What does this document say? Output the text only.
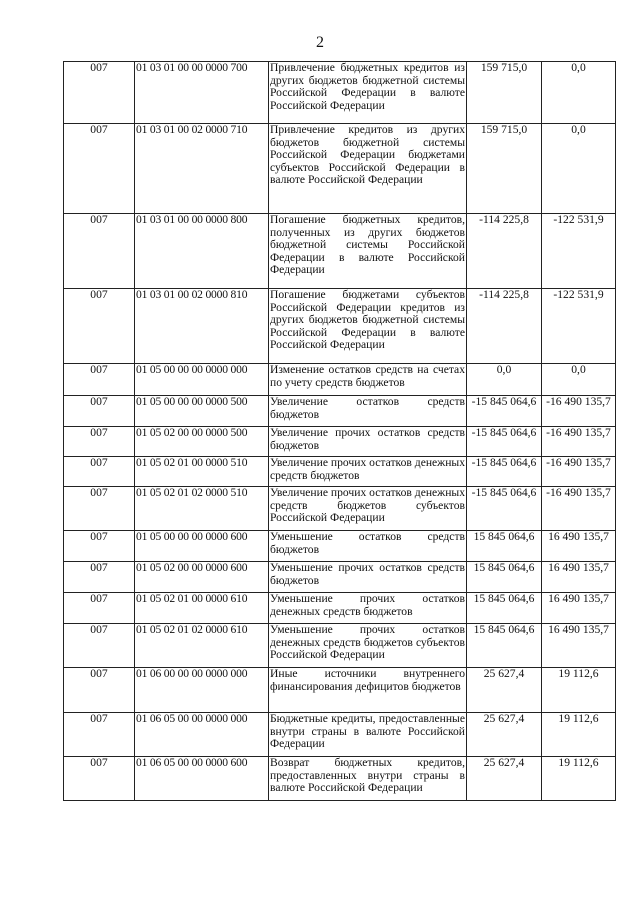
2
007	01 03 01 00 00 0000 700	Привлечение бюджетных кредитов из других бюджетов бюджетной системы Российской Федерации в валюте Российской Федерации	159 715,0	0,0
007	01 03 01 00 02 0000 710	Привлечение кредитов из других бюджетов бюджетной системы Российской Федерации бюджетами субъектов Российской Федерации в валюте Российской Федерации	159 715,0	0,0
007	01 03 01 00 00 0000 800	Погашение бюджетных кредитов, полученных из других бюджетов бюджетной системы Российской Федерации в валюте Российской Федерации	-114 225,8	-122 531,9
007	01 03 01 00 02 0000 810	Погашение бюджетами субъектов Российской Федерации кредитов из других бюджетов бюджетной системы Российской Федерации в валюте Российской Федерации	-114 225,8	-122 531,9
007	01 05 00 00 00 0000 000	Изменение остатков средств на счетах по учету средств бюджетов	0,0	0,0
007	01 05 00 00 00 0000 500	Увеличение остатков средств бюджетов	-15 845 064,6	-16 490 135,7
007	01 05 02 00 00 0000 500	Увеличение прочих остатков средств бюджетов	-15 845 064,6	-16 490 135,7
007	01 05 02 01 00 0000 510	Увеличение прочих остатков денежных средств бюджетов	-15 845 064,6	-16 490 135,7
007	01 05 02 01 02 0000 510	Увеличение прочих остатков денежных средств бюджетов субъектов Российской Федерации	-15 845 064,6	-16 490 135,7
007	01 05 00 00 00 0000 600	Уменьшение остатков средств бюджетов	15 845 064,6	16 490 135,7
007	01 05 02 00 00 0000 600	Уменьшение прочих остатков средств бюджетов	15 845 064,6	16 490 135,7
007	01 05 02 01 00 0000 610	Уменьшение прочих остатков денежных средств бюджетов	15 845 064,6	16 490 135,7
007	01 05 02 01 02 0000 610	Уменьшение прочих остатков денежных средств бюджетов субъектов Российской Федерации	15 845 064,6	16 490 135,7
007	01 06 00 00 00 0000 000	Иные источники внутреннего финансирования дефицитов бюджетов	25 627,4	19 112,6
007	01 06 05 00 00 0000 000	Бюджетные кредиты, предоставленные внутри страны в валюте Российской Федерации	25 627,4	19 112,6
007	01 06 05 00 00 0000 600	Возврат бюджетных кредитов, предоставленных внутри страны в валюте Российской Федерации	25 627,4	19 112,6
